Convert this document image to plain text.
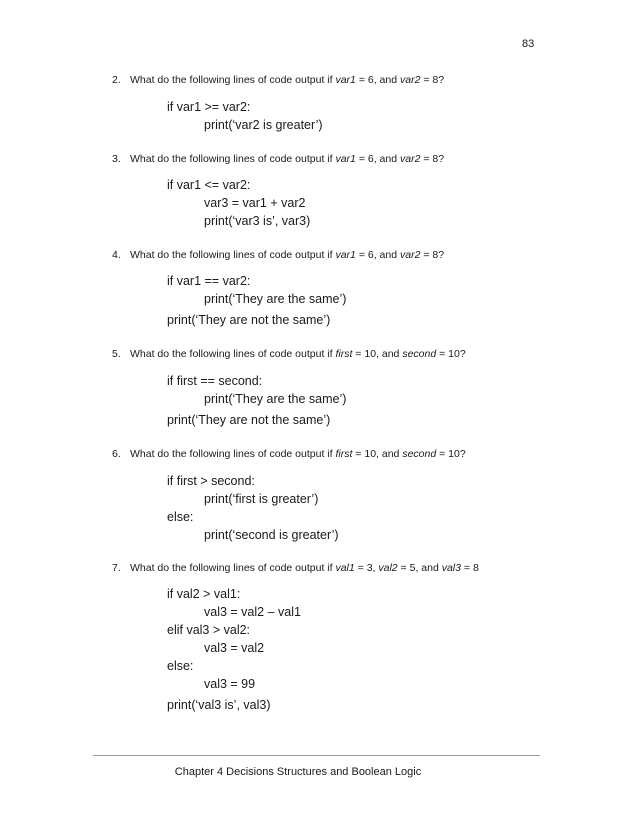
83
2. What do the following lines of code output if var1 = 6, and var2 = 8?
if var1 >= var2:
print(‘var2 is greater’)
3. What do the following lines of code output if var1 = 6, and var2 = 8?
if var1 <= var2:
var3 = var1 + var2
print(‘var3 is’, var3)
4. What do the following lines of code output if var1 = 6, and var2 = 8?
if var1 == var2:
print(‘They are the same’)
print(‘They are not the same’)
5. What do the following lines of code output if first = 10, and second = 10?
if first == second:
print(‘They are the same’)
print(‘They are not the same’)
6. What do the following lines of code output if first = 10, and second = 10?
if first > second:
print(‘first is greater’)
else:
print(‘second is greater’)
7. What do the following lines of code output if val1 = 3, val2 = 5, and val3 = 8
if val2 > val1:
val3 = val2 – val1
elif val3 > val2:
val3 = val2
else:
val3 = 99
print(‘val3 is’, val3)
Chapter 4 Decisions Structures and Boolean Logic
